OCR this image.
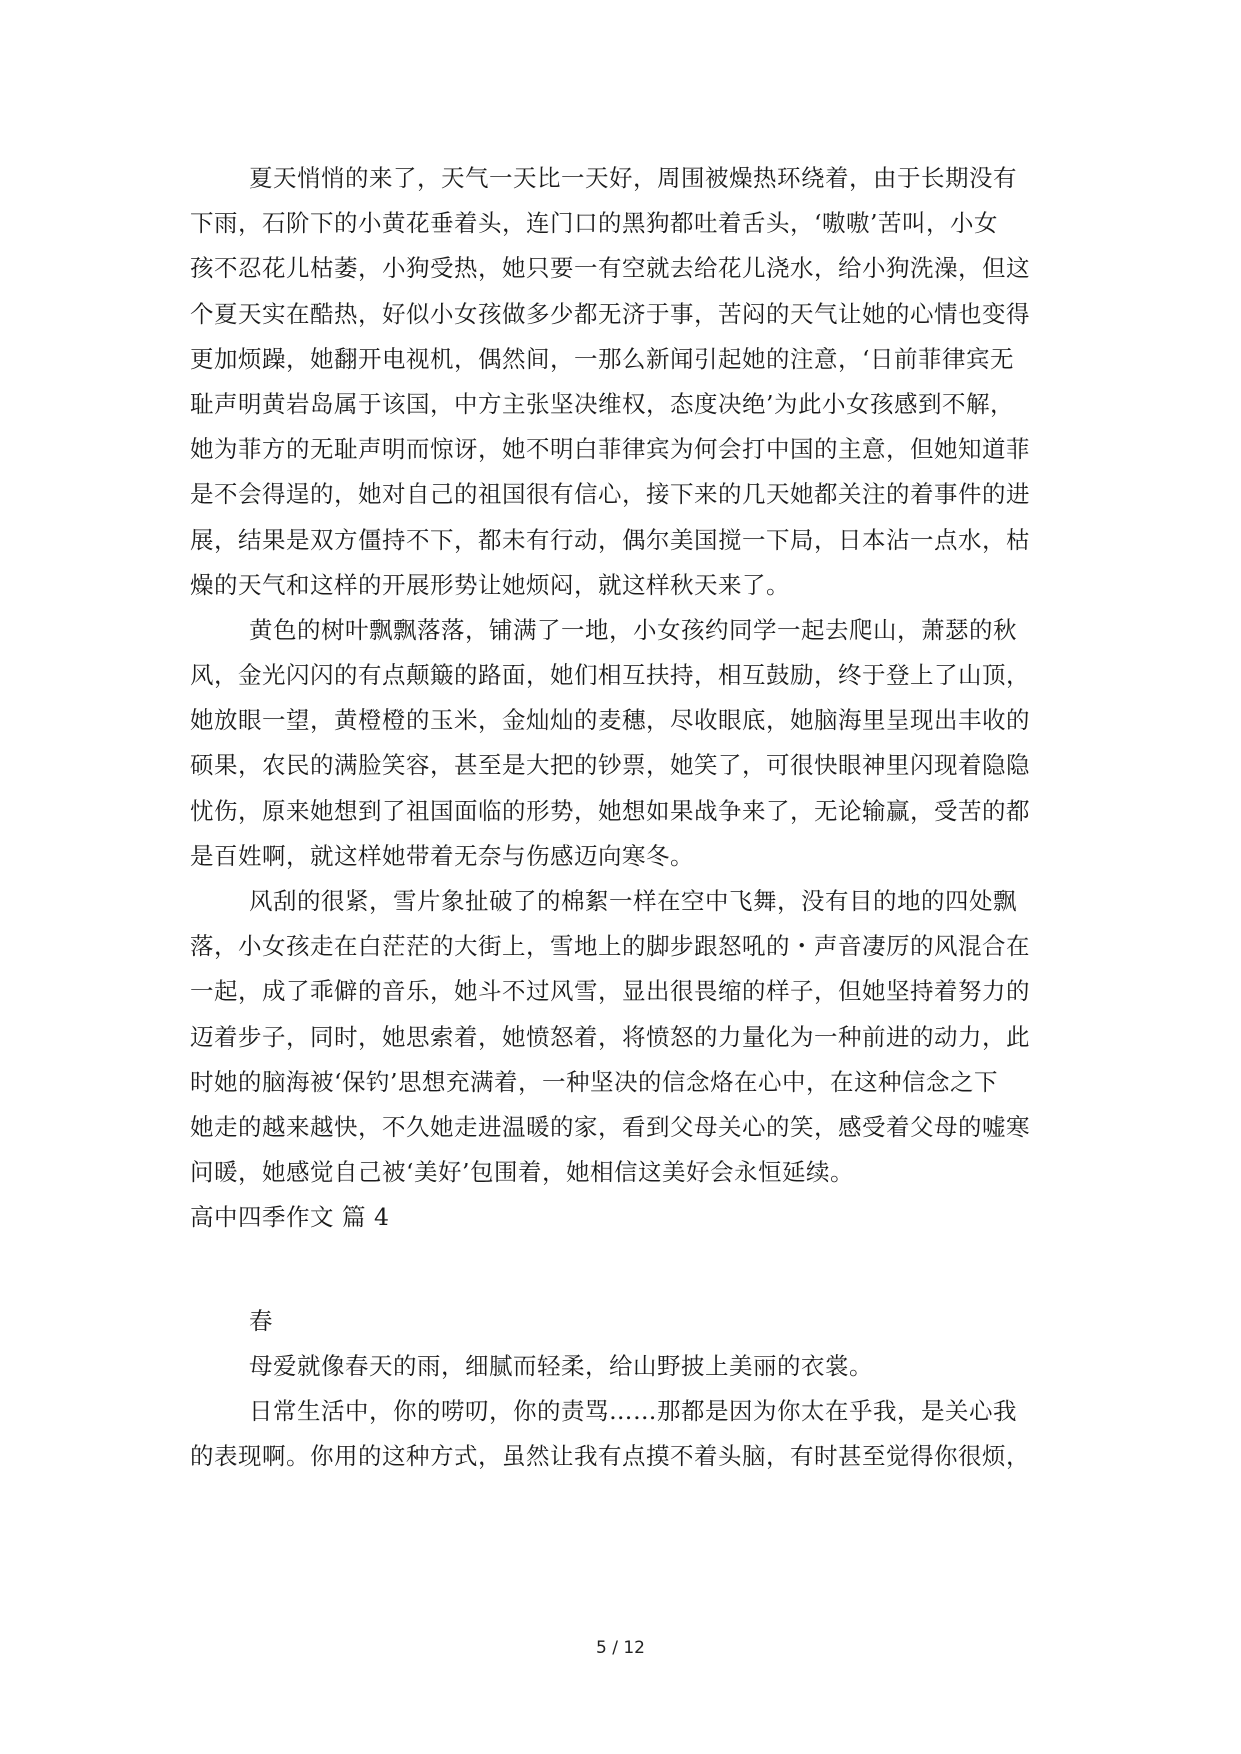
夏天悄悄的来了，天气一天比一天好，周围被燥热环绕着，由于长期没有
下雨，石阶下的小黄花垂着头，连门口的黑狗都吐着舌头，‘嗷嗷’苦叫，小女
孩不忍花儿枯萎，小狗受热，她只要一有空就去给花儿浇水，给小狗洗澡，但这
个夏天实在酷热，好似小女孩做多少都无济于事，苦闷的天气让她的心情也变得
更加烦躁，她翻开电视机，偶然间，一那么新闻引起她的注意，‘日前菲律宾无
耻声明黄岩岛属于该国，中方主张坚决维权，态度决绝’为此小女孩感到不解，
她为菲方的无耻声明而惊讶，她不明白菲律宾为何会打中国的主意，但她知道菲
是不会得逞的，她对自己的祖国很有信心，接下来的几天她都关注的着事件的进
展，结果是双方僵持不下，都未有行动，偶尔美国搅一下局，日本沾一点水，枯
燥的天气和这样的开展形势让她烦闷，就这样秋天来了。
黄色的树叶飘飘落落，铺满了一地，小女孩约同学一起去爬山，萧瑟的秋
风，金光闪闪的有点颠簸的路面，她们相互扶持，相互鼓励，终于登上了山顶，
她放眼一望，黄橙橙的玉米，金灿灿的麦穗，尽收眼底，她脑海里呈现出丰收的
硕果，农民的满脸笑容，甚至是大把的钞票，她笑了，可很快眼神里闪现着隐隐
忧伤，原来她想到了祖国面临的形势，她想如果战争来了，无论输赢，受苦的都
是百姓啊，就这样她带着无奈与伤感迈向寒冬。
风刮的很紧，雪片象扯破了的棉絮一样在空中飞舞，没有目的地的四处飘
落，小女孩走在白茫茫的大街上，雪地上的脚步跟怒吼的・声音凄厉的风混合在
一起，成了乖僻的音乐，她斗不过风雪，显出很畏缩的样子，但她坚持着努力的
迈着步子，同时，她思索着，她愤怒着，将愤怒的力量化为一种前进的动力，此
时她的脑海被‘保钓’思想充满着，一种坚决的信念烙在心中，在这种信念之下
她走的越来越快，不久她走进温暖的家，看到父母关心的笑，感受着父母的嘘寒
问暖，她感觉自己被‘美好’包围着，她相信这美好会永恒延续。
高中四季作文 篇 4
春
母爱就像春天的雨，细腻而轻柔，给山野披上美丽的衣裳。
日常生活中，你的唠叨，你的责骂……那都是因为你太在乎我，是关心我
的表现啊。你用的这种方式，虽然让我有点摸不着头脑，有时甚至觉得你很烦，
5 / 12
